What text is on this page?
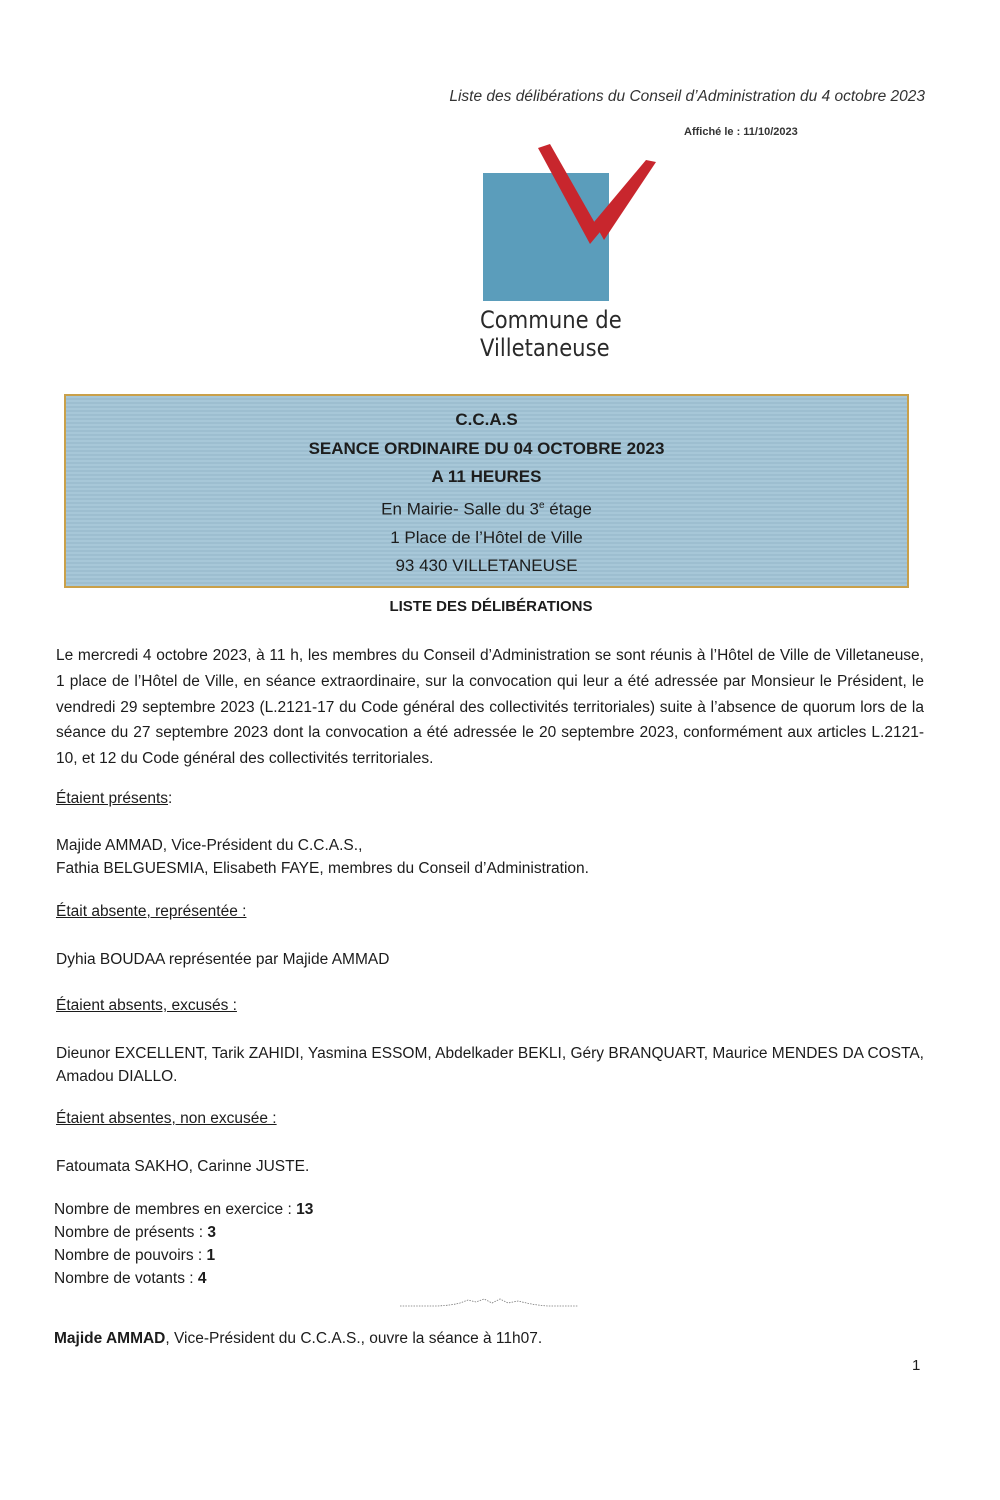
Liste des délibérations du Conseil d’Administration du 4 octobre 2023
Affiché le : 11/10/2023
Commune de
Villetaneuse
C.C.A.S
SEANCE ORDINAIRE DU 04 OCTOBRE 2023
A 11 HEURES
En Mairie- Salle du 3e étage
1 Place de l’Hôtel de Ville
93 430 VILLETANEUSE
LISTE DES DÉLIBÉRATIONS
Le mercredi 4 octobre 2023, à 11 h, les membres du Conseil d’Administration se sont réunis à l’Hôtel de Ville de Villetaneuse, 1 place de l’Hôtel de Ville, en séance extraordinaire, sur la convocation qui leur a été adressée par Monsieur le Président, le vendredi 29 septembre 2023 (L.2121-17 du Code général des collectivités territoriales) suite à l’absence de quorum lors de la séance du 27 septembre 2023 dont la convocation a été adressée le 20 septembre 2023, conformément aux articles L.2121-10, et 12 du Code général des collectivités territoriales.
Étaient présents:
Majide AMMAD, Vice-Président du C.C.A.S.,
Fathia BELGUESMIA, Elisabeth FAYE, membres du Conseil d’Administration.
Était absente, représentée :
Dyhia BOUDAA représentée par Majide AMMAD
Étaient absents, excusés :
Dieunor EXCELLENT, Tarik ZAHIDI, Yasmina ESSOM, Abdelkader BEKLI, Géry BRANQUART, Maurice MENDES DA COSTA, Amadou DIALLO.
Étaient absentes, non excusée :
Fatoumata SAKHO, Carinne JUSTE.
Nombre de membres en exercice : 13
Nombre de présents : 3
Nombre de pouvoirs : 1
Nombre de votants : 4
Majide AMMAD, Vice-Président du C.C.A.S., ouvre la séance à 11h07.
1
